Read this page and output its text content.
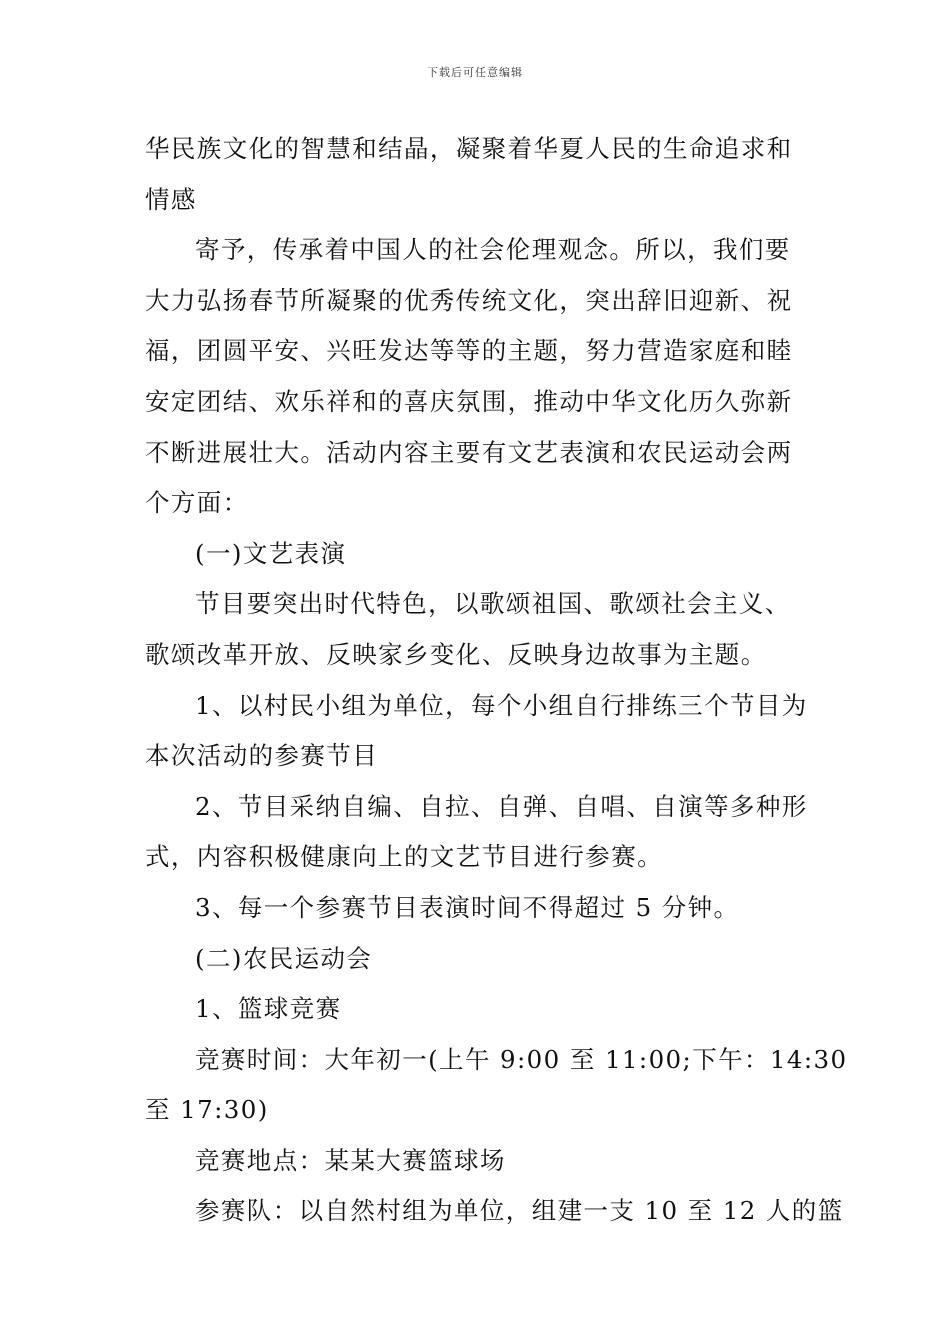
下载后可任意编辑
华民族文化的智慧和结晶，凝聚着华夏人民的生命追求和
情感
寄予，传承着中国人的社会伦理观念。所以，我们要
大力弘扬春节所凝聚的优秀传统文化，突出辞旧迎新、祝
福，团圆平安、兴旺发达等等的主题，努力营造家庭和睦
安定团结、欢乐祥和的喜庆氛围，推动中华文化历久弥新
不断进展壮大。活动内容主要有文艺表演和农民运动会两
个方面：
(一)文艺表演
节目要突出时代特色，以歌颂祖国、歌颂社会主义、
歌颂改革开放、反映家乡变化、反映身边故事为主题。
1、以村民小组为单位，每个小组自行排练三个节目为
本次活动的参赛节目
2、节目采纳自编、自拉、自弹、自唱、自演等多种形
式，内容积极健康向上的文艺节目进行参赛。
3、每一个参赛节目表演时间不得超过 5 分钟。
(二)农民运动会
1、篮球竞赛
竞赛时间：大年初一(上午 9:00 至 11:00;下午：14:30
至 17:30)
竞赛地点：某某大赛篮球场
参赛队：以自然村组为单位，组建一支 10 至 12 人的篮
